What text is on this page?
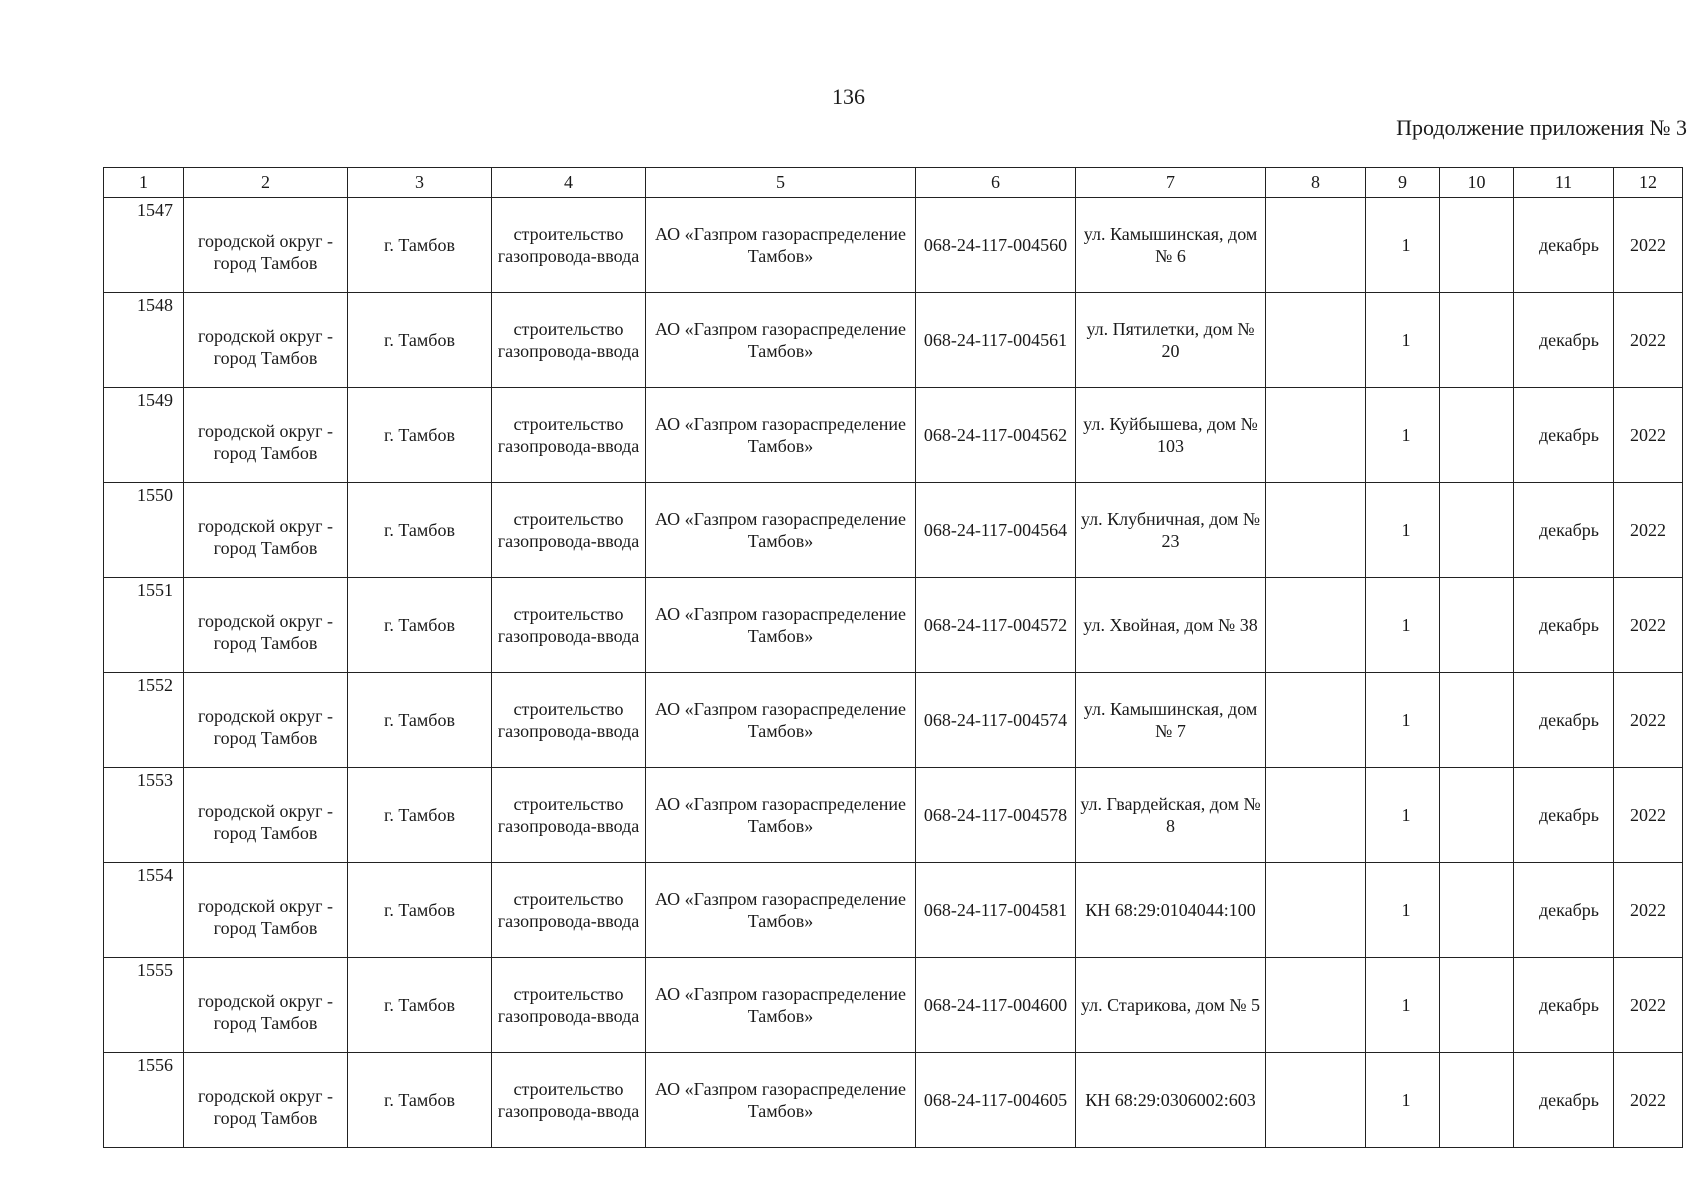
136
Продолжение приложения № 3
1	2	3	4	5	6	7	8	9	10	11	12
1547	городской округ - город Тамбов	г. Тамбов	строительство газопровода-ввода	АО «Газпром газораспределение Тамбов»	068-24-117-004560	ул. Камышинская, дом № 6		1		декабрь	2022
1548	городской округ - город Тамбов	г. Тамбов	строительство газопровода-ввода	АО «Газпром газораспределение Тамбов»	068-24-117-004561	ул. Пятилетки, дом № 20		1		декабрь	2022
1549	городской округ - город Тамбов	г. Тамбов	строительство газопровода-ввода	АО «Газпром газораспределение Тамбов»	068-24-117-004562	ул. Куйбышева, дом № 103		1		декабрь	2022
1550	городской округ - город Тамбов	г. Тамбов	строительство газопровода-ввода	АО «Газпром газораспределение Тамбов»	068-24-117-004564	ул. Клубничная, дом № 23		1		декабрь	2022
1551	городской округ - город Тамбов	г. Тамбов	строительство газопровода-ввода	АО «Газпром газораспределение Тамбов»	068-24-117-004572	ул. Хвойная, дом № 38		1		декабрь	2022
1552	городской округ - город Тамбов	г. Тамбов	строительство газопровода-ввода	АО «Газпром газораспределение Тамбов»	068-24-117-004574	ул. Камышинская, дом № 7		1		декабрь	2022
1553	городской округ - город Тамбов	г. Тамбов	строительство газопровода-ввода	АО «Газпром газораспределение Тамбов»	068-24-117-004578	ул. Гвардейская, дом № 8		1		декабрь	2022
1554	городской округ - город Тамбов	г. Тамбов	строительство газопровода-ввода	АО «Газпром газораспределение Тамбов»	068-24-117-004581	КН 68:29:0104044:100		1		декабрь	2022
1555	городской округ - город Тамбов	г. Тамбов	строительство газопровода-ввода	АО «Газпром газораспределение Тамбов»	068-24-117-004600	ул. Старикова, дом № 5		1		декабрь	2022
1556	городской округ - город Тамбов	г. Тамбов	строительство газопровода-ввода	АО «Газпром газораспределение Тамбов»	068-24-117-004605	КН 68:29:0306002:603		1		декабрь	2022
